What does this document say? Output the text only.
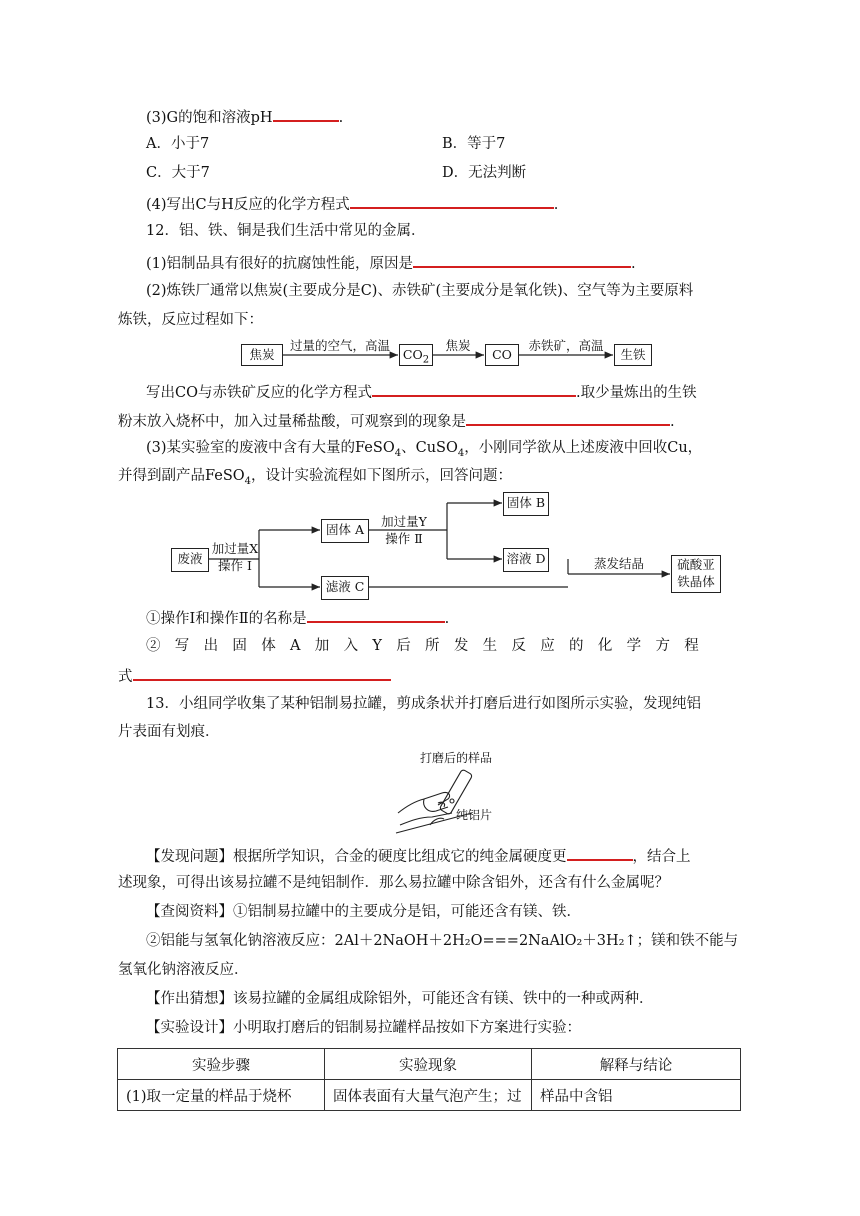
(3)G的饱和溶液pH	.
A．小于7	B．等于7
C．大于7	D．无法判断
(4)写出C与H反应的化学方程式	.
12．铝、铁、铜是我们生活中常见的金属．
(1)铝制品具有很好的抗腐蚀性能，原因是	.
(2)炼铁厂通常以焦炭(主要成分是C)、赤铁矿(主要成分是氧化铁)、空气等为主要原料
炼铁，反应过程如下：
焦炭
过量的空气，高温
$CO_2$
焦炭
CO
赤铁矿，高温
生铁
写出CO与赤铁矿反应的化学方程式	.取少量炼出的生铁
粉末放入烧杯中，加入过量稀盐酸，可观察到的现象是	.
(3)某实验室的废液中含有大量的FeSO$_4$、CuSO$_4$，小刚同学欲从上述废液中回收Cu，
并得到副产品FeSO$_4$，设计实验流程如下图所示，回答问题：
废液
加过量X
操作 I
固体 A
加过量Y
操作 Ⅱ
固体 B
溶液 D	蒸发结晶	硫酸亚
铁晶体
滤液 C
①操作Ⅰ和操作Ⅱ的名称是	.
②写出固体A加入Y后所发生反应的化学方程
式
13．小组同学收集了某种铝制易拉罐，剪成条状并打磨后进行如图所示实验，发现纯铝
片表面有划痕．
打磨后的样品
纯铝片
【发现问题】根据所学知识，合金的硬度比组成它的纯金属硬度更	，结合上
述现象，可得出该易拉罐不是纯铝制作．那么易拉罐中除含铝外，还含有什么金属呢？
【查阅资料】①铝制易拉罐中的主要成分是铝，可能还含有镁、铁．
②铝能与氢氧化钠溶液反应：2Al＋2NaOH＋2H₂O===2NaAlO₂＋3H₂↑；镁和铁不能与
氢氧化钠溶液反应．
【作出猜想】该易拉罐的金属组成除铝外，可能还含有镁、铁中的一种或两种．
【实验设计】小明取打磨后的铝制易拉罐样品按如下方案进行实验：
实验步骤	实验现象	解释与结论
(1)取一定量的样品于烧杯	固体表面有大量气泡产生；过	样品中含铝
